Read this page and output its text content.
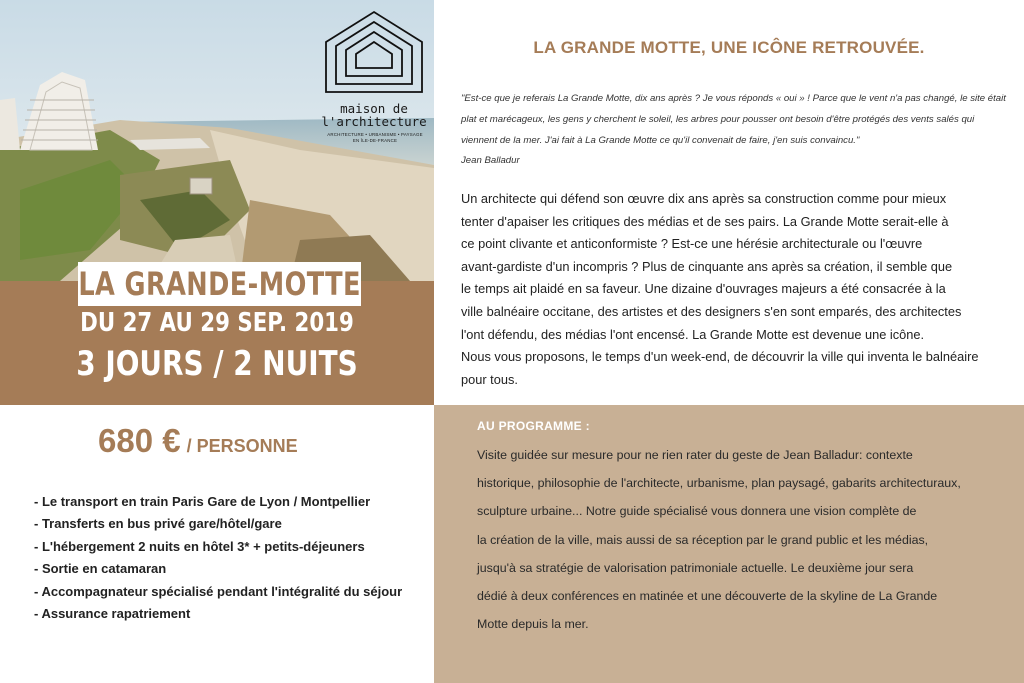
maison de
l'architecture
ARCHITECTURE • URBANISME • PAYSAGE
EN ÎLE-DE-FRANCE
LA GRANDE-MOTTE
DU 27 AU 29 SEP. 2019
3 JOURS / 2 NUITS
680 € / PERSONNE
- Le transport en train Paris Gare de Lyon / Montpellier
- Transferts en bus privé gare/hôtel/gare
- L'hébergement 2 nuits en hôtel 3* + petits-déjeuners
- Sortie en catamaran
- Accompagnateur spécialisé pendant l'intégralité du séjour
- Assurance rapatriement
LA GRANDE MOTTE, UNE ICÔNE RETROUVÉE.

"Est-ce que je referais La Grande Motte, dix ans après ? Je vous réponds « oui » ! Parce que le vent n'a pas changé, le site était plat et marécageux, les gens y cherchent le soleil, les arbres pour pousser ont besoin d'être protégés des vents salés qui viennent de la mer. J'ai fait à La Grande Motte ce qu'il convenait de faire, j'en suis convaincu."

Jean Balladur
Un architecte qui défend son œuvre dix ans après sa construction comme pour mieux
tenter d'apaiser les critiques des médias et de ses pairs. La Grande Motte serait-elle à
ce point clivante et anticonformiste ? Est-ce une hérésie architecturale ou l'œuvre
avant-gardiste d'un incompris ? Plus de cinquante ans après sa création, il semble que
le temps ait plaidé en sa faveur. Une dizaine d'ouvrages majeurs a été consacrée à la
ville balnéaire occitane, des artistes et des designers s'en sont emparés, des architectes
l'ont défendu, des médias l'ont encensé. La Grande Motte est devenue une icône.
Nous vous proposons, le temps d'un week-end, de découvrir la ville qui inventa le balnéaire
pour tous.
AU PROGRAMME :
Visite guidée sur mesure pour ne rien rater du geste de Jean Balladur: contexte
historique, philosophie de l'architecte, urbanisme, plan paysagé, gabarits architecturaux,
sculpture urbaine... Notre guide spécialisé vous donnera une vision complète de
la création de la ville, mais aussi de sa réception par le grand public et les médias,
jusqu'à sa stratégie de valorisation patrimoniale actuelle. Le deuxième jour sera
dédié à deux conférences en matinée et une découverte de la skyline de La Grande
Motte depuis la mer.
